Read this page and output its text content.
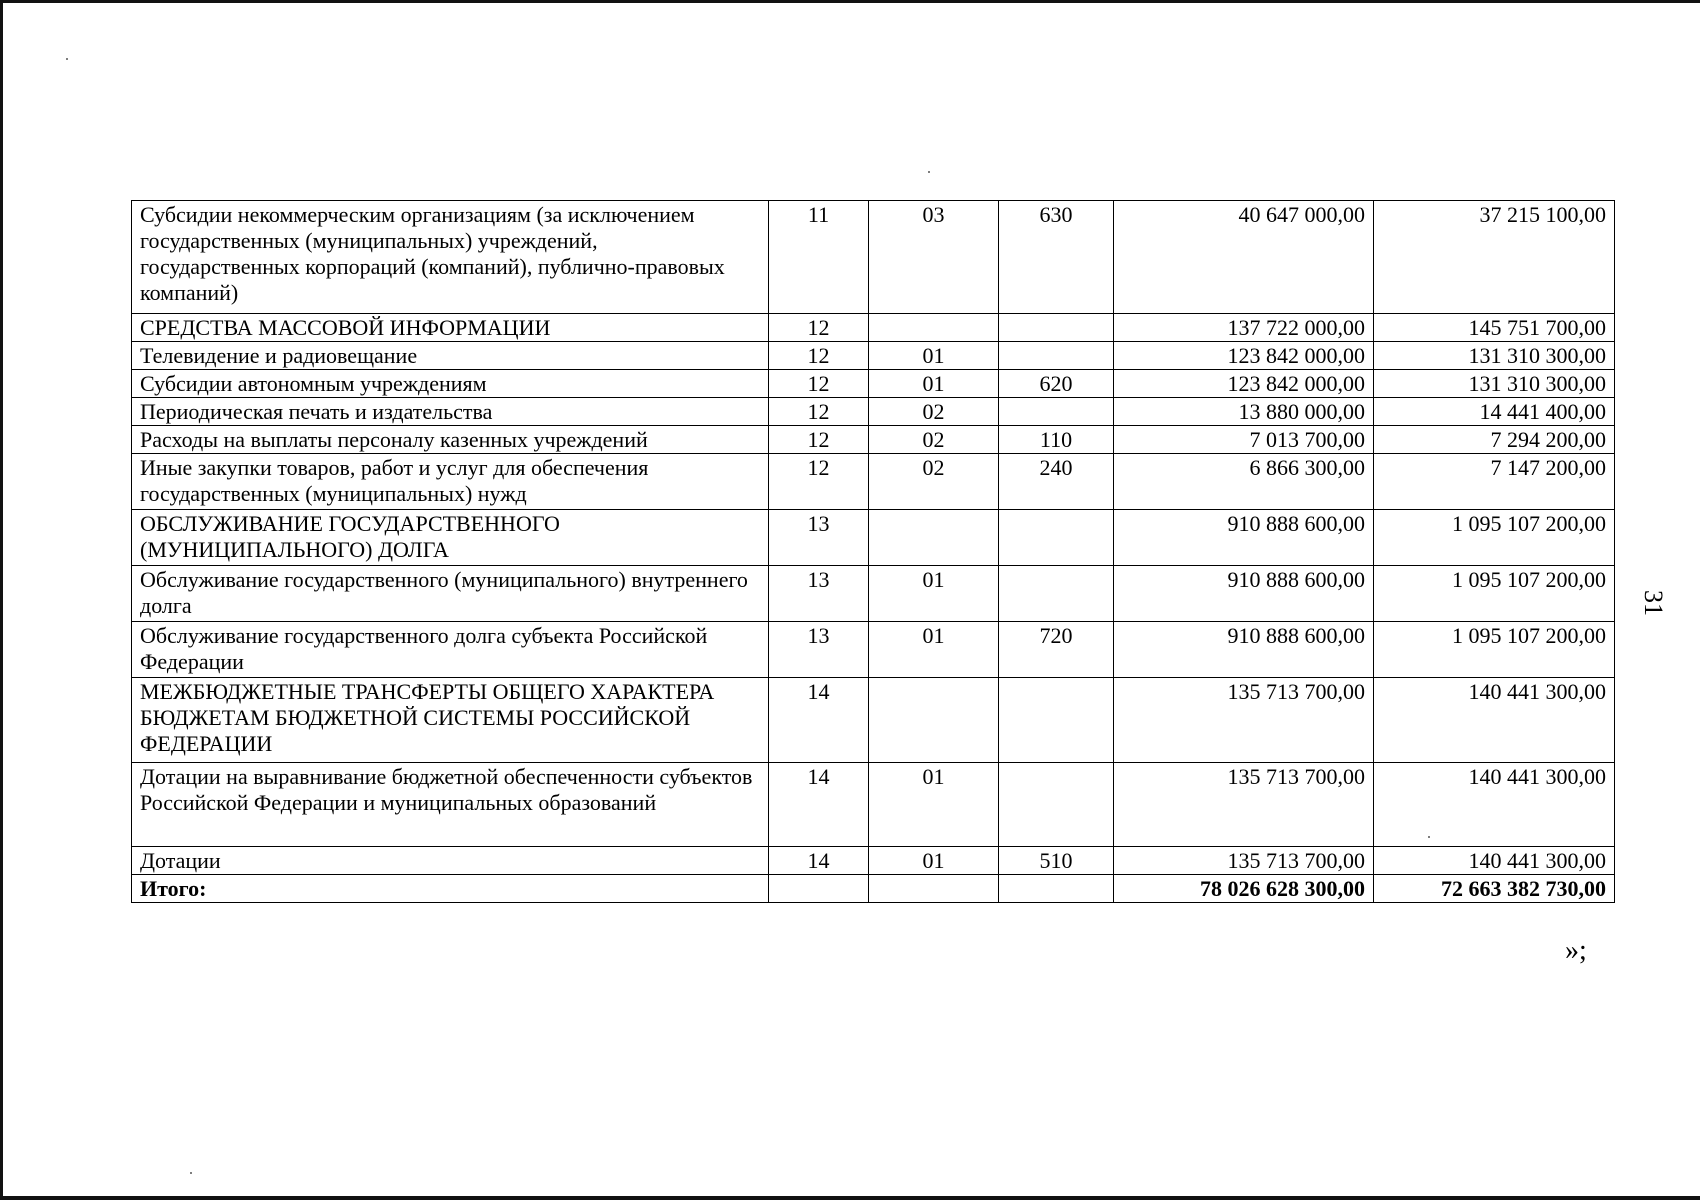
Субсидии некоммерческим организациям (за исключением государственных (муниципальных) учреждений, государственных корпораций (компаний), публично-правовых компаний)	11	03	630	40 647 000,00	37 215 100,00
СРЕДСТВА МАССОВОЙ ИНФОРМАЦИИ	12			137 722 000,00	145 751 700,00
Телевидение и радиовещание	12	01		123 842 000,00	131 310 300,00
Субсидии автономным учреждениям	12	01	620	123 842 000,00	131 310 300,00
Периодическая печать и издательства	12	02		13 880 000,00	14 441 400,00
Расходы на выплаты персоналу казенных учреждений	12	02	110	7 013 700,00	7 294 200,00
Иные закупки товаров, работ и услуг для обеспечения государственных (муниципальных) нужд	12	02	240	6 866 300,00	7 147 200,00
ОБСЛУЖИВАНИЕ ГОСУДАРСТВЕННОГО (МУНИЦИПАЛЬНОГО) ДОЛГА	13			910 888 600,00	1 095 107 200,00
Обслуживание государственного (муниципального) внутреннего долга	13	01		910 888 600,00	1 095 107 200,00
Обслуживание государственного долга субъекта Российской Федерации	13	01	720	910 888 600,00	1 095 107 200,00
МЕЖБЮДЖЕТНЫЕ ТРАНСФЕРТЫ ОБЩЕГО ХАРАКТЕРА БЮДЖЕТАМ БЮДЖЕТНОЙ СИСТЕМЫ РОССИЙСКОЙ ФЕДЕРАЦИИ	14			135 713 700,00	140 441 300,00
Дотации на выравнивание бюджетной обеспеченности субъектов Российской Федерации и муниципальных образований	14	01		135 713 700,00	140 441 300,00
Дотации	14	01	510	135 713 700,00	140 441 300,00
Итого:				78 026 628 300,00	72 663 382 730,00
31
»;
